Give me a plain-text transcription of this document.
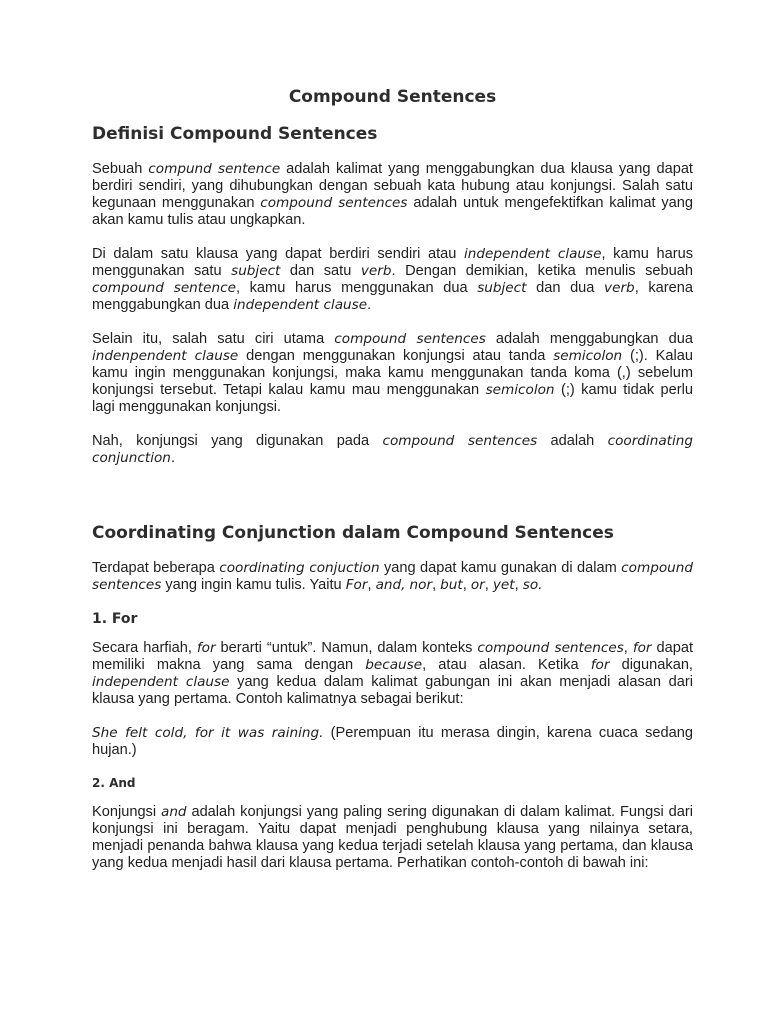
Compound Sentences
Definisi Compound Sentences

Sebuah compund sentence adalah kalimat yang menggabungkan dua klausa yang dapat berdiri sendiri, yang dihubungkan dengan sebuah kata hubung atau konjungsi. Salah satu kegunaan menggunakan compound sentences adalah untuk mengefektifkan kalimat yang akan kamu tulis atau ungkapkan.

Di dalam satu klausa yang dapat berdiri sendiri atau independent clause, kamu harus menggunakan satu subject dan satu verb. Dengan demikian, ketika menulis sebuah compound sentence, kamu harus menggunakan dua subject dan dua verb, karena menggabungkan dua independent clause.

Selain itu, salah satu ciri utama compound sentences adalah menggabungkan dua indenpendent clause dengan menggunakan konjungsi atau tanda semicolon (;). Kalau kamu ingin menggunakan konjungsi, maka kamu menggunakan tanda koma (,) sebelum konjungsi tersebut. Tetapi kalau kamu mau menggunakan semicolon (;) kamu tidak perlu lagi menggunakan konjungsi.

Nah, konjungsi yang digunakan pada compound sentences adalah coordinating conjunction.

Coordinating Conjunction dalam Compound Sentences

Terdapat beberapa coordinating conjuction yang dapat kamu gunakan di dalam compound sentences yang ingin kamu tulis. Yaitu For, and, nor, but, or, yet, so.

1. For

Secara harfiah, for berarti “untuk”. Namun, dalam konteks compound sentences, for dapat memiliki makna yang sama dengan because, atau alasan. Ketika for digunakan, independent clause yang kedua dalam kalimat gabungan ini akan menjadi alasan dari klausa yang pertama. Contoh kalimatnya sebagai berikut:

She felt cold, for it was raining. (Perempuan itu merasa dingin, karena cuaca sedang hujan.)

2. And

Konjungsi and adalah konjungsi yang paling sering digunakan di dalam kalimat. Fungsi dari konjungsi ini beragam. Yaitu dapat menjadi penghubung klausa yang nilainya setara, menjadi penanda bahwa klausa yang kedua terjadi setelah klausa yang pertama, dan klausa yang kedua menjadi hasil dari klausa pertama. Perhatikan contoh-contoh di bawah ini:
